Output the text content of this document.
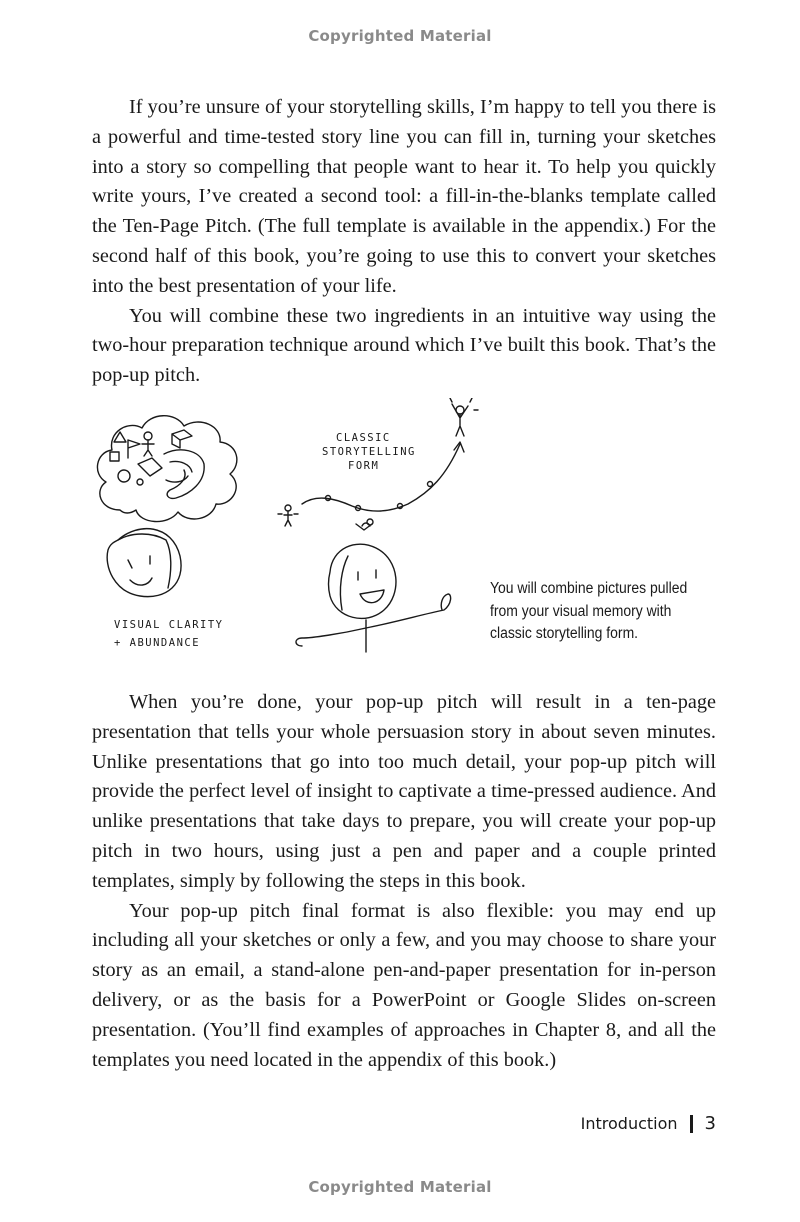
Copyrighted Material

If you’re unsure of your storytelling skills, I’m happy to tell you there is a powerful and time-tested story line you can fill in, turning your sketches into a story so compelling that people want to hear it. To help you quickly write yours, I’ve created a second tool: a fill-in-the-blanks template called the Ten-Page Pitch. (The full template is available in the appendix.) For the second half of this book, you’re going to use this to convert your sketches into the best presentation of your life.

You will combine these two ingredients in an intuitive way using the two-hour preparation technique around which I’ve built this book. That’s the pop-up pitch.

CLASSIC
STORYTELLING
FORM
VISUAL CLARITY
+ ABUNDANCE
You will combine pictures pulled
from your visual memory with
classic storytelling form.

When you’re done, your pop-up pitch will result in a ten-page presentation that tells your whole persuasion story in about seven minutes. Unlike presentations that go into too much detail, your pop-up pitch will provide the perfect level of insight to captivate a time-pressed audience. And unlike presentations that take days to prepare, you will create your pop-up pitch in two hours, using just a pen and paper and a couple printed templates, simply by following the steps in this book.

Your pop-up pitch final format is also flexible: you may end up including all your sketches or only a few, and you may choose to share your story as an email, a stand-alone pen-and-paper presentation for in-person delivery, or as the basis for a PowerPoint or Google Slides on-screen presentation. (You’ll find examples of approaches in Chapter 8, and all the templates you need located in the appendix of this book.)

Introduction 3
Copyrighted Material
